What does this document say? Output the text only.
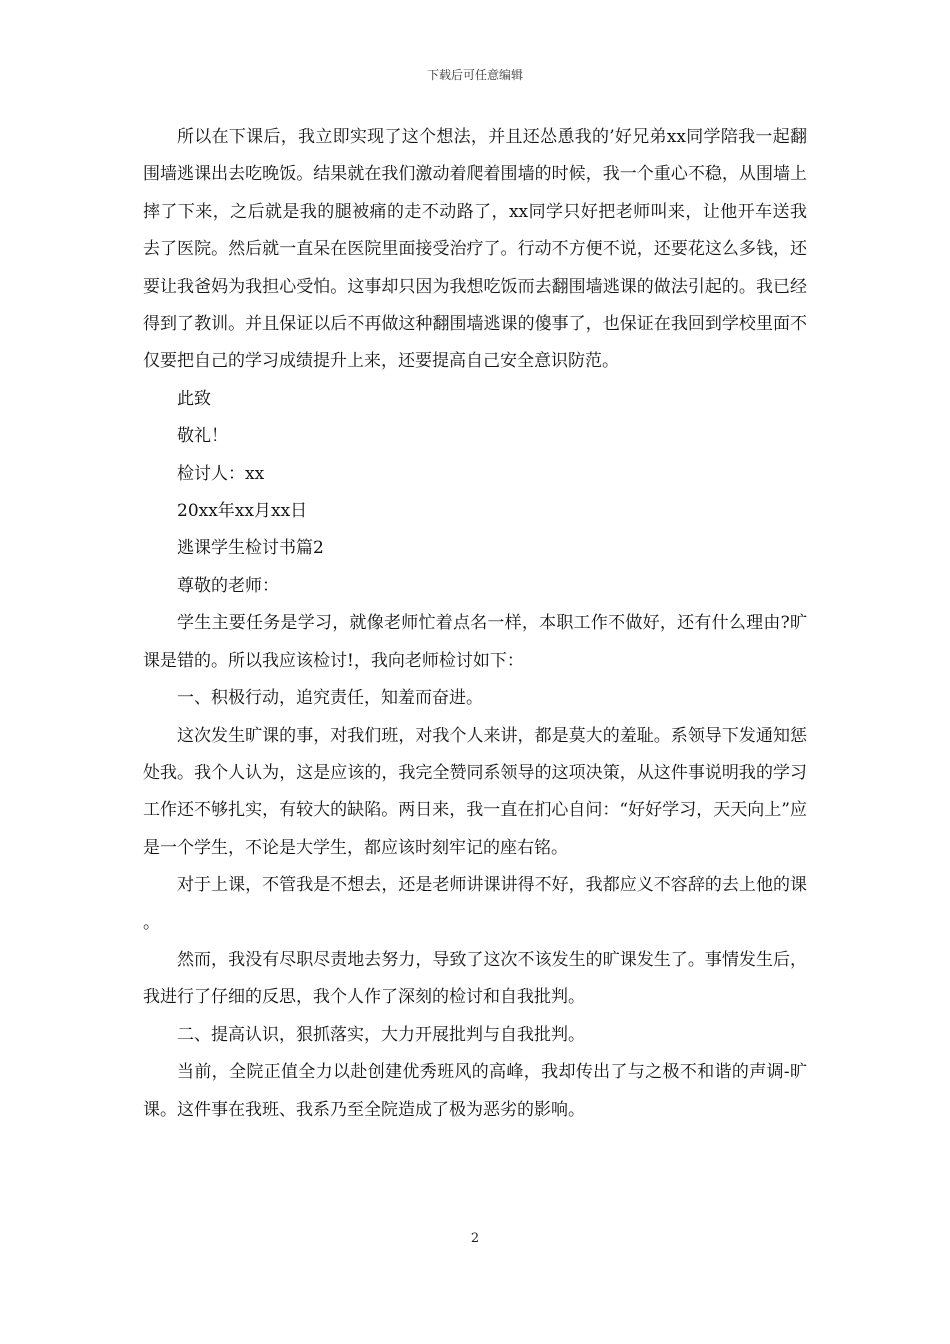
下载后可任意编辑

所以在下课后，我立即实现了这个想法，并且还怂恿我的’好兄弟xx同学陪我一起翻围墙逃课出去吃晚饭。结果就在我们激动着爬着围墙的时候，我一个重心不稳，从围墙上摔了下来，之后就是我的腿被痛的走不动路了，xx同学只好把老师叫来，让他开车送我去了医院。然后就一直呆在医院里面接受治疗了。行动不方便不说，还要花这么多钱，还要让我爸妈为我担心受怕。这事却只因为我想吃饭而去翻围墙逃课的做法引起的。我已经得到了教训。并且保证以后不再做这种翻围墙逃课的傻事了，也保证在我回到学校里面不仅要把自己的学习成绩提升上来，还要提高自己安全意识防范。

此致

敬礼！

检讨人：xx

20xx年xx月xx日

逃课学生检讨书篇2

尊敬的老师：

学生主要任务是学习，就像老师忙着点名一样，本职工作不做好，还有什么理由?旷课是错的。所以我应该检讨!，我向老师检讨如下：

一、积极行动，追究责任，知羞而奋进。

这次发生旷课的事，对我们班，对我个人来讲，都是莫大的羞耻。系领导下发通知惩处我。我个人认为，这是应该的，我完全赞同系领导的这项决策，从这件事说明我的学习工作还不够扎实，有较大的缺陷。两日来，我一直在扪心自问：“好好学习，天天向上”应是一个学生，不论是大学生，都应该时刻牢记的座右铭。

对于上课，不管我是不想去，还是老师讲课讲得不好，我都应义不容辞的去上他的课。

然而，我没有尽职尽责地去努力，导致了这次不该发生的旷课发生了。事情发生后，我进行了仔细的反思，我个人作了深刻的检讨和自我批判。

二、提高认识，狠抓落实，大力开展批判与自我批判。

当前，全院正值全力以赴创建优秀班风的高峰，我却传出了与之极不和谐的声调-旷课。这件事在我班、我系乃至全院造成了极为恶劣的影响。

2
